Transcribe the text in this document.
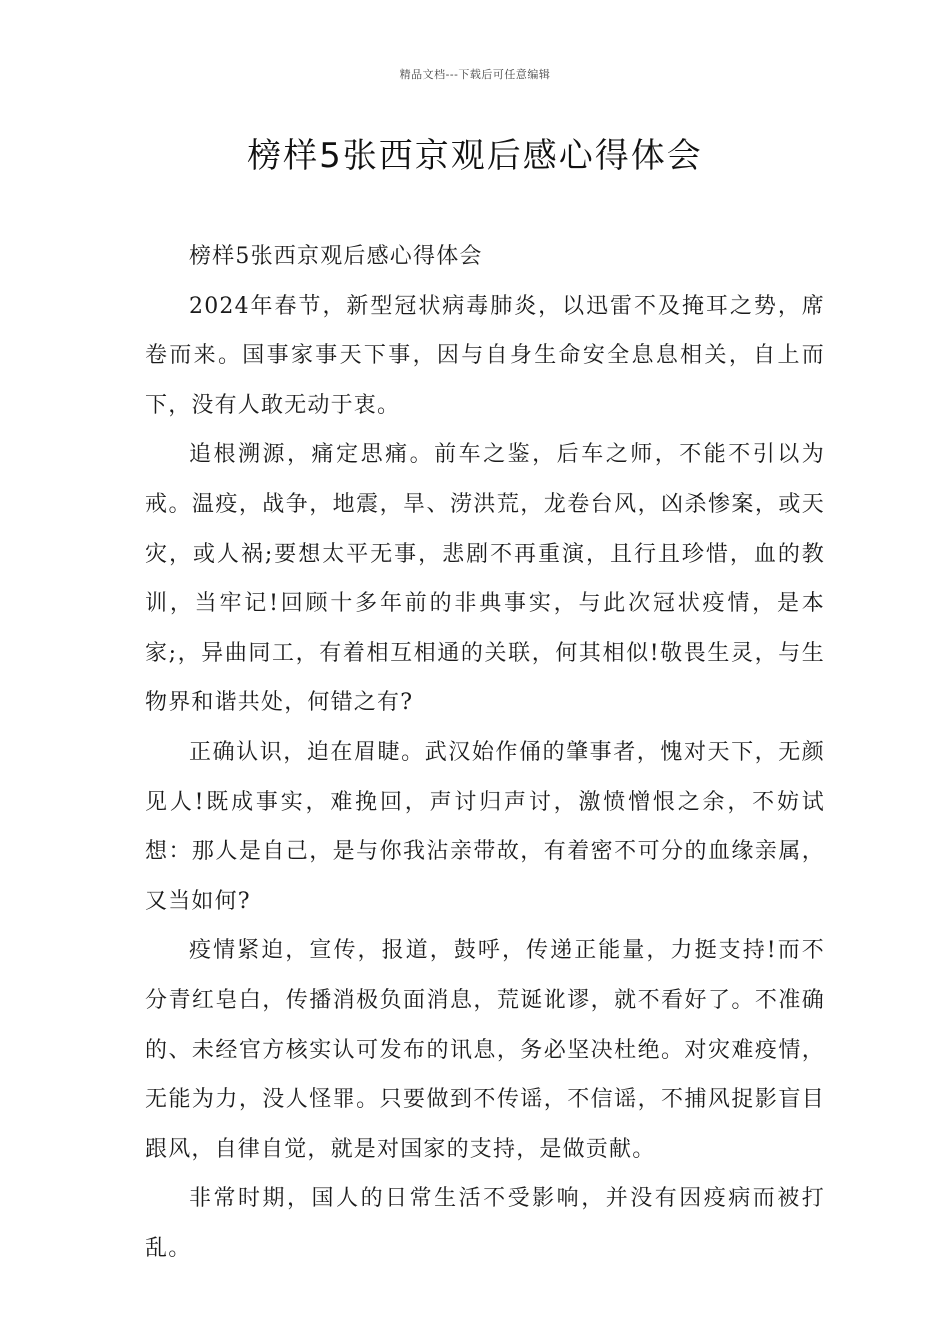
精品文档---下载后可任意编辑
榜样5张西京观后感心得体会

榜样5张西京观后感心得体会

2024年春节，新型冠状病毒肺炎，以迅雷不及掩耳之势，席卷而来。国事家事天下事，因与自身生命安全息息相关，自上而下，没有人敢无动于衷。

追根溯源，痛定思痛。前车之鉴，后车之师，不能不引以为戒。温疫，战争，地震，旱、涝洪荒，龙卷台风，凶杀惨案，或天灾，或人祸;要想太平无事，悲剧不再重演，且行且珍惜，血的教训，当牢记!回顾十多年前的非典事实，与此次冠状疫情，是本家;，异曲同工，有着相互相通的关联，何其相似!敬畏生灵，与生物界和谐共处，何错之有?

正确认识，迫在眉睫。武汉始作俑的肇事者，愧对天下，无颜见人!既成事实，难挽回，声讨归声讨，激愤憎恨之余，不妨试想：那人是自己，是与你我沾亲带故，有着密不可分的血缘亲属，又当如何?

疫情紧迫，宣传，报道，鼓呼，传递正能量，力挺支持!而不分青红皂白，传播消极负面消息，荒诞讹谬，就不看好了。不准确的、未经官方核实认可发布的讯息，务必坚决杜绝。对灾难疫情，无能为力，没人怪罪。只要做到不传谣，不信谣，不捕风捉影盲目跟风，自律自觉，就是对国家的支持，是做贡献。

非常时期，国人的日常生活不受影响，并没有因疫病而被打乱。
